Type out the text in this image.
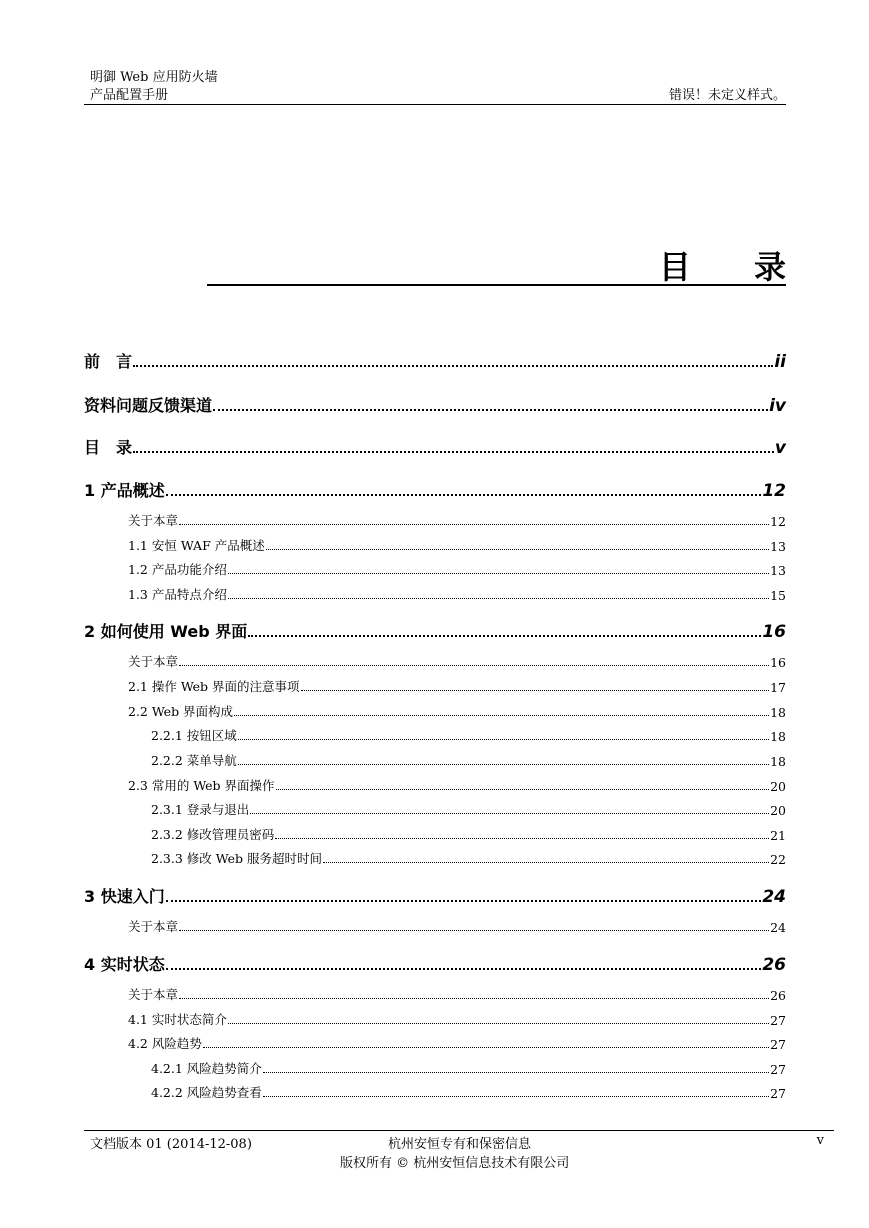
明御 Web 应用防火墙
产品配置手册	错误！未定义样式。
目 录
前　言	ii
资料问题反馈渠道	iv
目　录	v
1 产品概述	12
关于本章	12
1.1 安恒 WAF 产品概述	13
1.2 产品功能介绍	13
1.3 产品特点介绍	15
2 如何使用 Web 界面	16
关于本章	16
2.1 操作 Web 界面的注意事项	17
2.2 Web 界面构成	18
2.2.1 按钮区域	18
2.2.2 菜单导航	18
2.3 常用的 Web 界面操作	20
2.3.1 登录与退出	20
2.3.2 修改管理员密码	21
2.3.3 修改 Web 服务超时时间	22
3 快速入门	24
关于本章	24
4 实时状态	26
关于本章	26
4.1 实时状态简介	27
4.2 风险趋势	27
4.2.1 风险趋势简介	27
4.2.2 风险趋势查看	27
文档版本 01 (2014-12-08)	杭州安恒专有和保密信息	v
版权所有 © 杭州安恒信息技术有限公司
